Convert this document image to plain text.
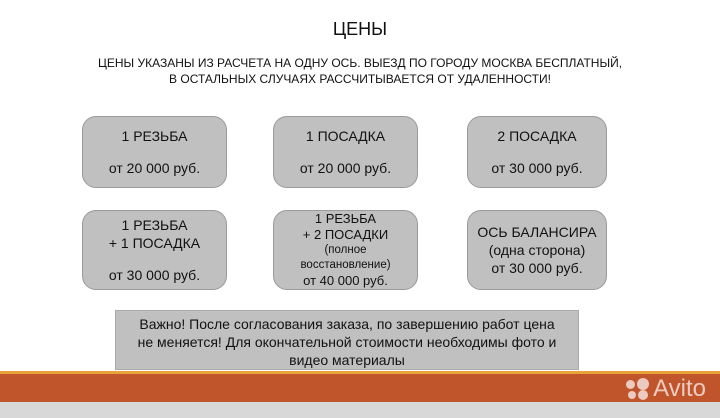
ЦЕНЫ
ЦЕНЫ УКАЗАНЫ ИЗ РАСЧЕТА НА ОДНУ ОСЬ. ВЫЕЗД ПО ГОРОДУ МОСКВА БЕСПЛАТНЫЙ,
В ОСТАЛЬНЫХ СЛУЧАЯХ РАССЧИТЫВАЕТСЯ ОТ УДАЛЕННОСТИ!
1 РЕЗЬБА
от 20 000 руб.
1 ПОСАДКА
от 20 000 руб.
2 ПОСАДКА
от 30 000 руб.
1 РЕЗЬБА
+ 1 ПОСАДКА
от 30 000 руб.
1 РЕЗЬБА
+ 2 ПОСАДКИ
(полное
восстановление)
от 40 000 руб.
ОСЬ БАЛАНСИРА
(одна сторона)
от 30 000 руб.
Важно! После согласования заказа, по завершению работ цена
не меняется! Для окончательной стоимости необходимы фото и
видео материалы
Avito
